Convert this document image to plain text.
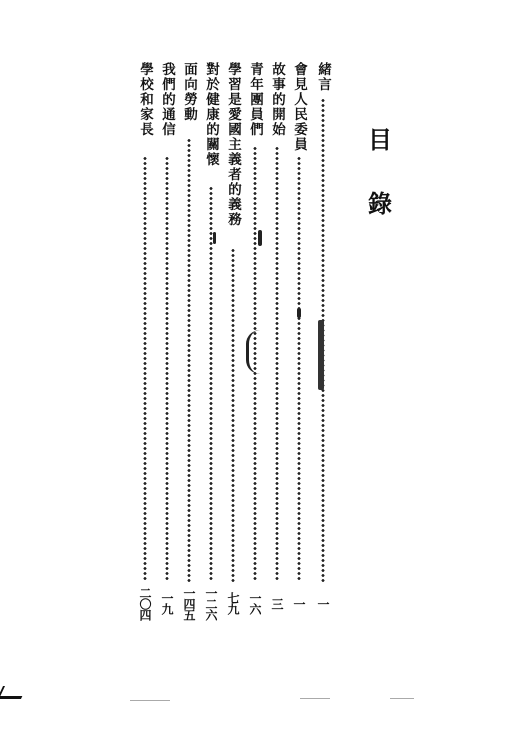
目
錄
緒言
一
會見人民委員
一
故事的開始
三
青年團員們
一六
學習是愛國主義者的義務
七九
對於健康的關懷
一二六
面向勞動
一四五
我們的通信
一九
學校和家長
二〇四
